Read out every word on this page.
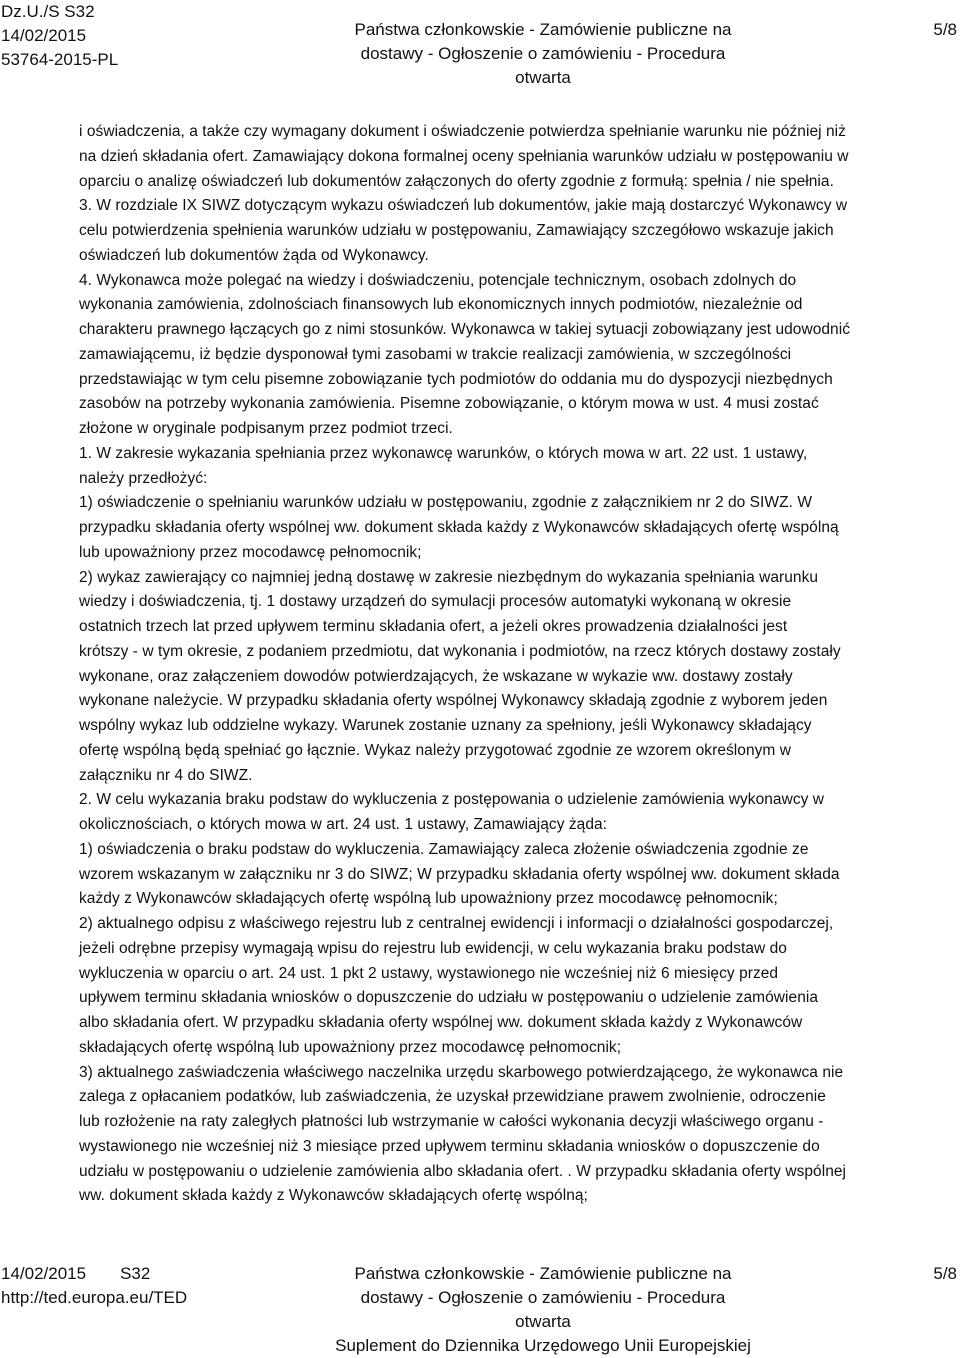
Dz.U./S S32
14/02/2015
53764-2015-PL
Państwa członkowskie - Zamówienie publiczne na
dostawy - Ogłoszenie o zamówieniu - Procedura otwarta
5/8
i oświadczenia, a także czy wymagany dokument i oświadczenie potwierdza spełnianie warunku nie później niż
na dzień składania ofert. Zamawiający dokona formalnej oceny spełniania warunków udziału w postępowaniu w
oparciu o analizę oświadczeń lub dokumentów załączonych do oferty zgodnie z formułą: spełnia / nie spełnia.
3. W rozdziale IX SIWZ dotyczącym wykazu oświadczeń lub dokumentów, jakie mają dostarczyć Wykonawcy w
celu potwierdzenia spełnienia warunków udziału w postępowaniu, Zamawiający szczegółowo wskazuje jakich
oświadczeń lub dokumentów żąda od Wykonawcy.
4. Wykonawca może polegać na wiedzy i doświadczeniu, potencjale technicznym, osobach zdolnych do
wykonania zamówienia, zdolnościach finansowych lub ekonomicznych innych podmiotów, niezależnie od
charakteru prawnego łączących go z nimi stosunków. Wykonawca w takiej sytuacji zobowiązany jest udowodnić
zamawiającemu, iż będzie dysponował tymi zasobami w trakcie realizacji zamówienia, w szczególności
przedstawiając w tym celu pisemne zobowiązanie tych podmiotów do oddania mu do dyspozycji niezbędnych
zasobów na potrzeby wykonania zamówienia. Pisemne zobowiązanie, o którym mowa w ust. 4 musi zostać
złożone w oryginale podpisanym przez podmiot trzeci.
1. W zakresie wykazania spełniania przez wykonawcę warunków, o których mowa w art. 22 ust. 1 ustawy,
należy przedłożyć:
1) oświadczenie o spełnianiu warunków udziału w postępowaniu, zgodnie z załącznikiem nr 2 do SIWZ. W
przypadku składania oferty wspólnej ww. dokument składa każdy z Wykonawców składających ofertę wspólną
lub upoważniony przez mocodawcę pełnomocnik;
2) wykaz zawierający co najmniej jedną dostawę w zakresie niezbędnym do wykazania spełniania warunku
wiedzy i doświadczenia, tj. 1 dostawy urządzeń do symulacji procesów automatyki wykonaną w okresie
ostatnich trzech lat przed upływem terminu składania ofert, a jeżeli okres prowadzenia działalności jest
krótszy - w tym okresie, z podaniem przedmiotu, dat wykonania i podmiotów, na rzecz których dostawy zostały
wykonane, oraz załączeniem dowodów potwierdzających, że wskazane w wykazie ww. dostawy zostały
wykonane należycie. W przypadku składania oferty wspólnej Wykonawcy składają zgodnie z wyborem jeden
wspólny wykaz lub oddzielne wykazy. Warunek zostanie uznany za spełniony, jeśli Wykonawcy składający
ofertę wspólną będą spełniać go łącznie. Wykaz należy przygotować zgodnie ze wzorem określonym w
załączniku nr 4 do SIWZ.
2. W celu wykazania braku podstaw do wykluczenia z postępowania o udzielenie zamówienia wykonawcy w
okolicznościach, o których mowa w art. 24 ust. 1 ustawy, Zamawiający żąda:
1) oświadczenia o braku podstaw do wykluczenia. Zamawiający zaleca złożenie oświadczenia zgodnie ze
wzorem wskazanym w załączniku nr 3 do SIWZ; W przypadku składania oferty wspólnej ww. dokument składa
każdy z Wykonawców składających ofertę wspólną lub upoważniony przez mocodawcę pełnomocnik;
2) aktualnego odpisu z właściwego rejestru lub z centralnej ewidencji i informacji o działalności gospodarczej,
jeżeli odrębne przepisy wymagają wpisu do rejestru lub ewidencji, w celu wykazania braku podstaw do
wykluczenia w oparciu o art. 24 ust. 1 pkt 2 ustawy, wystawionego nie wcześniej niż 6 miesięcy przed
upływem terminu składania wniosków o dopuszczenie do udziału w postępowaniu o udzielenie zamówienia
albo składania ofert. W przypadku składania oferty wspólnej ww. dokument składa każdy z Wykonawców
składających ofertę wspólną lub upoważniony przez mocodawcę pełnomocnik;
3) aktualnego zaświadczenia właściwego naczelnika urzędu skarbowego potwierdzającego, że wykonawca nie
zalega z opłacaniem podatków, lub zaświadczenia, że uzyskał przewidziane prawem zwolnienie, odroczenie
lub rozłożenie na raty zaległych płatności lub wstrzymanie w całości wykonania decyzji właściwego organu -
wystawionego nie wcześniej niż 3 miesiące przed upływem terminu składania wniosków o dopuszczenie do
udziału w postępowaniu o udzielenie zamówienia albo składania ofert. . W przypadku składania oferty wspólnej
ww. dokument składa każdy z Wykonawców składających ofertę wspólną;
14/02/2015 S32
http://ted.europa.eu/TED
Państwa członkowskie - Zamówienie publiczne na
dostawy - Ogłoszenie o zamówieniu - Procedura otwarta
Suplement do Dziennika Urzędowego Unii Europejskiej
5/8
